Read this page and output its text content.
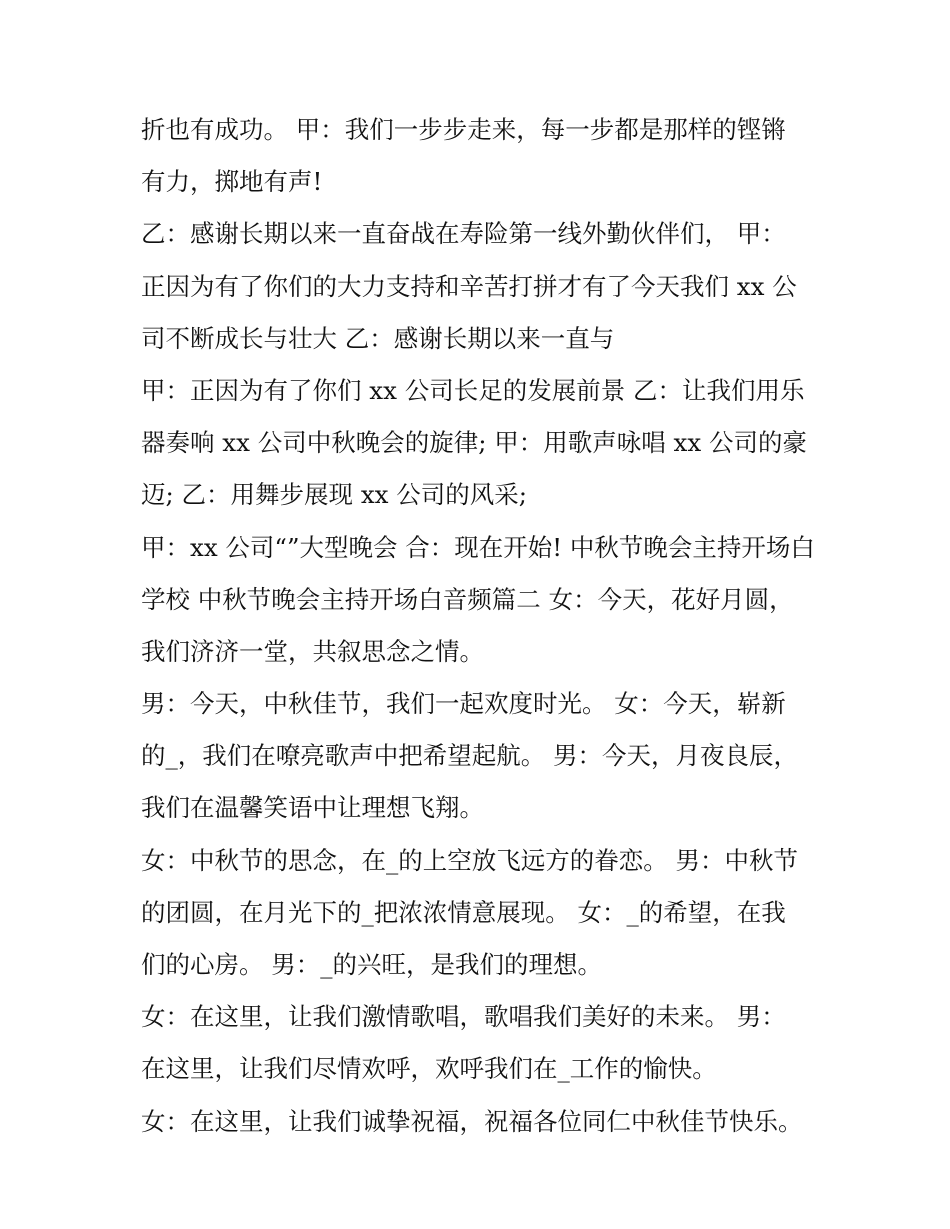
折也有成功。 甲：我们一步步走来，每一步都是那样的铿锵
有力，掷地有声!
乙：感谢长期以来一直奋战在寿险第一线外勤伙伴们， 甲：
正因为有了你们的大力支持和辛苦打拼才有了今天我们 xx 公
司不断成长与壮大 乙：感谢长期以来一直与
甲：正因为有了你们 xx 公司长足的发展前景 乙：让我们用乐
器奏响 xx 公司中秋晚会的旋律; 甲：用歌声咏唱 xx 公司的豪
迈; 乙：用舞步展现 xx 公司的风采;
甲：xx 公司“”大型晚会 合：现在开始! 中秋节晚会主持开场白
学校 中秋节晚会主持开场白音频篇二 女：今天，花好月圆，
我们济济一堂，共叙思念之情。
男：今天，中秋佳节，我们一起欢度时光。 女：今天，崭新
的_，我们在嘹亮歌声中把希望起航。 男：今天，月夜良辰，
我们在温馨笑语中让理想飞翔。
女：中秋节的思念，在_的上空放飞远方的眷恋。 男：中秋节
的团圆，在月光下的_把浓浓情意展现。 女：_的希望，在我
们的心房。 男：_的兴旺，是我们的理想。
女：在这里，让我们激情歌唱，歌唱我们美好的未来。 男：
在这里，让我们尽情欢呼，欢呼我们在_工作的愉快。
女：在这里，让我们诚挚祝福，祝福各位同仁中秋佳节快乐。
